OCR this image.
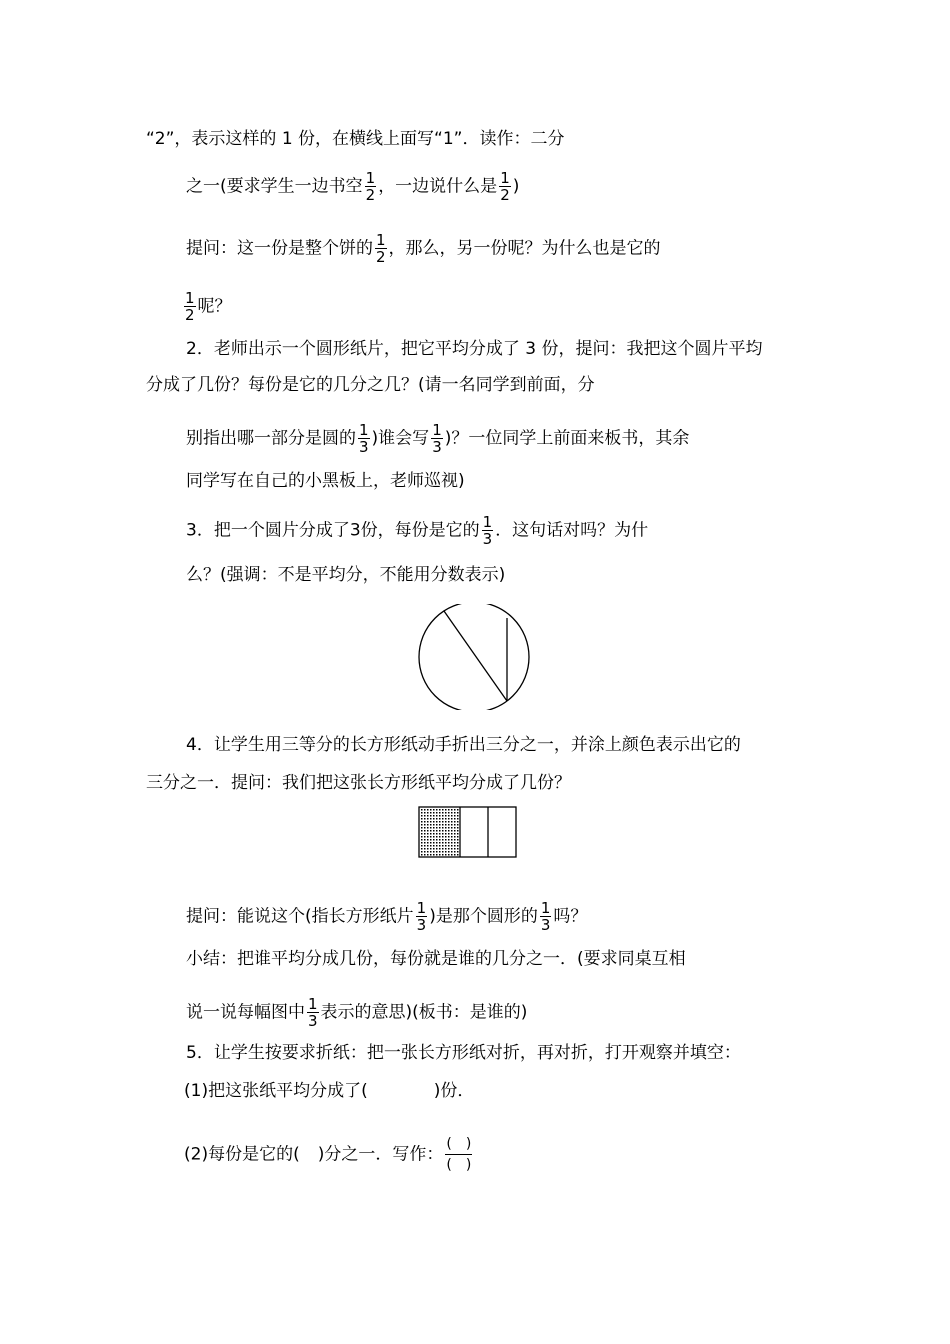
“2”，表示这样的 1 份，在横线上面写“1”．读作：二分
之一(要求学生一边书空 $\frac{1}{2}$ ，一边说什么是 $\frac{1}{2}$ )
提问：这一份是整个饼的 $\frac{1}{2}$ ，那么，另一份呢？为什么也是它的
$\frac{1}{2}$ 呢？
2．老师出示一个圆形纸片，把它平均分成了 3 份，提问：我把这个圆片平均
分成了几份？每份是它的几分之几？(请一名同学到前面，分
别指出哪一部分是圆的 $\frac{1}{3}$ )谁会写 $\frac{1}{3}$ )？一位同学上前面来板书，其余
同学写在自己的小黑板上，老师巡视)
3．把一个圆片分成了3份，每份是它的 $\frac{1}{3}$ ．这句话对吗？为什
么？(强调：不是平均分，不能用分数表示)
4．让学生用三等分的长方形纸动手折出三分之一，并涂上颜色表示出它的
三分之一．提问：我们把这张长方形纸平均分成了几份？
提问：能说这个(指长方形纸片 $\frac{1}{3}$ )是那个圆形的 $\frac{1}{3}$ 吗？
小结：把谁平均分成几份，每份就是谁的几分之一．(要求同桌互相
说一说每幅图中 $\frac{1}{3}$ 表示的意思)(板书：是谁的)
5．让学生按要求折纸：把一张长方形纸对折，再对折，打开观察并填空：
(1)把这张纸平均分成了(	)份．
(2)每份是它的( )分之一．写作：
(　)
(　)
